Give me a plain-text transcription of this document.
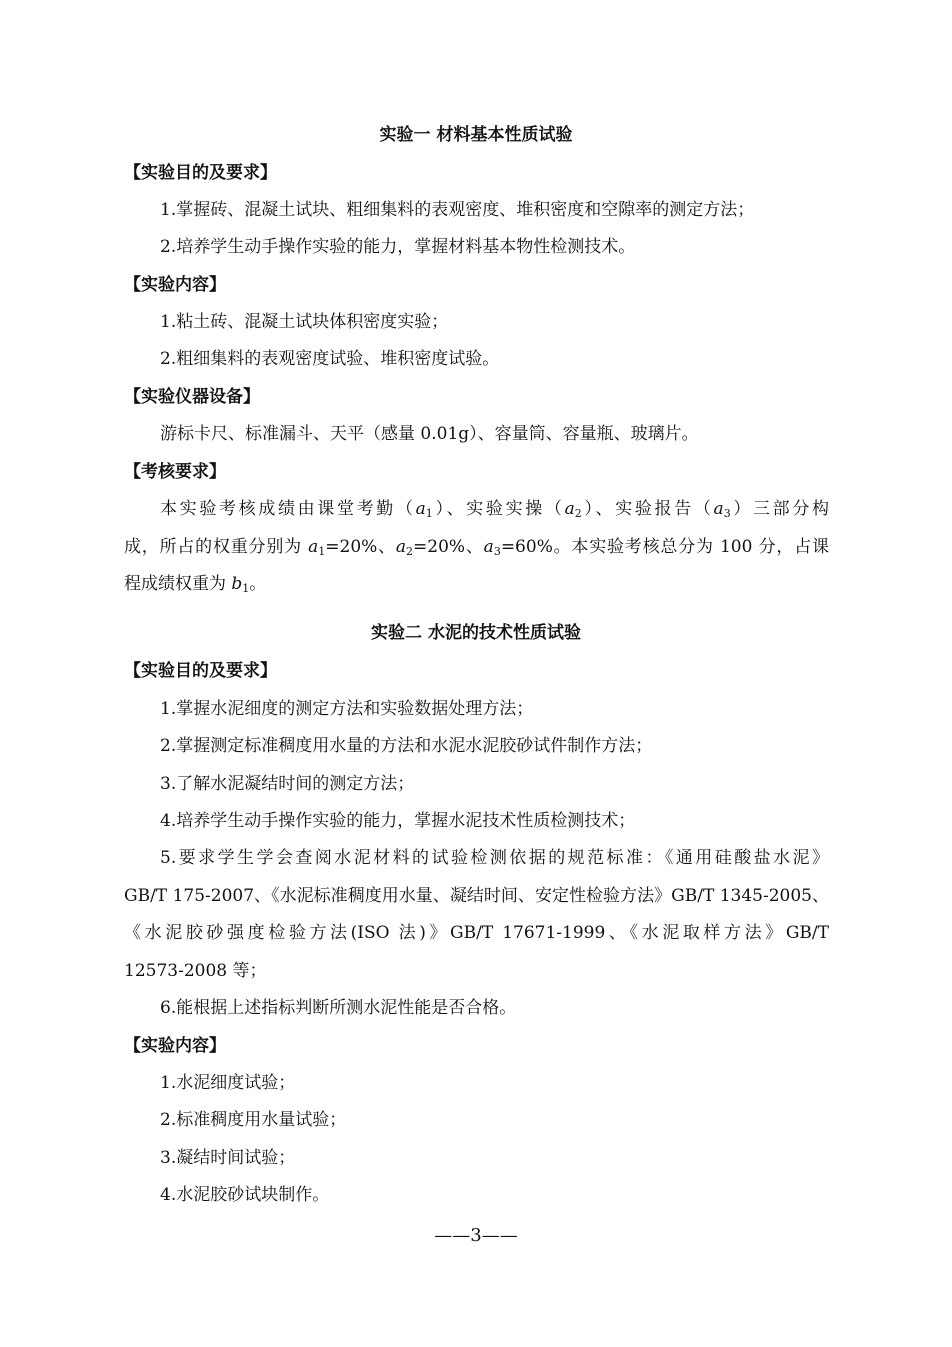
实验一 材料基本性质试验
【实验目的及要求】
1.掌握砖、混凝土试块、粗细集料的表观密度、堆积密度和空隙率的测定方法；
2.培养学生动手操作实验的能力，掌握材料基本物性检测技术。
【实验内容】
1.粘土砖、混凝土试块体积密度实验；
2.粗细集料的表观密度试验、堆积密度试验。
【实验仪器设备】
游标卡尺、标准漏斗、天平（感量 0.01g）、容量筒、容量瓶、玻璃片。
【考核要求】
本实验考核成绩由课堂考勤$(a_1)$、实验实操$(a_2)$、实验报告$(a_3)$三部分构
成，所占的权重分别为 $a_1=20\%$、$a_2=20\%$、$a_3=60\%$。本实验考核总分为 100 分，占课
程成绩权重为 $b_1$。
实验二 水泥的技术性质试验
【实验目的及要求】
1.掌握水泥细度的测定方法和实验数据处理方法；
2.掌握测定标准稠度用水量的方法和水泥水泥胶砂试件制作方法；
3.了解水泥凝结时间的测定方法；
4.培养学生动手操作实验的能力，掌握水泥技术性质检测技术；
5.要求学生学会查阅水泥材料的试验检测依据的规范标准：《通用硅酸盐水泥》
GB/T 175-2007、《水泥标准稠度用水量、凝结时间、安定性检验方法》GB/T 1345-2005、
《水泥胶砂强度检验方法(ISO 法)》GB/T 17671-1999、《水泥取样方法》GB/T
12573-2008 等；
6.能根据上述指标判断所测水泥性能是否合格。
【实验内容】
1.水泥细度试验；
2.标准稠度用水量试验；
3.凝结时间试验；
4.水泥胶砂试块制作。
——3——
